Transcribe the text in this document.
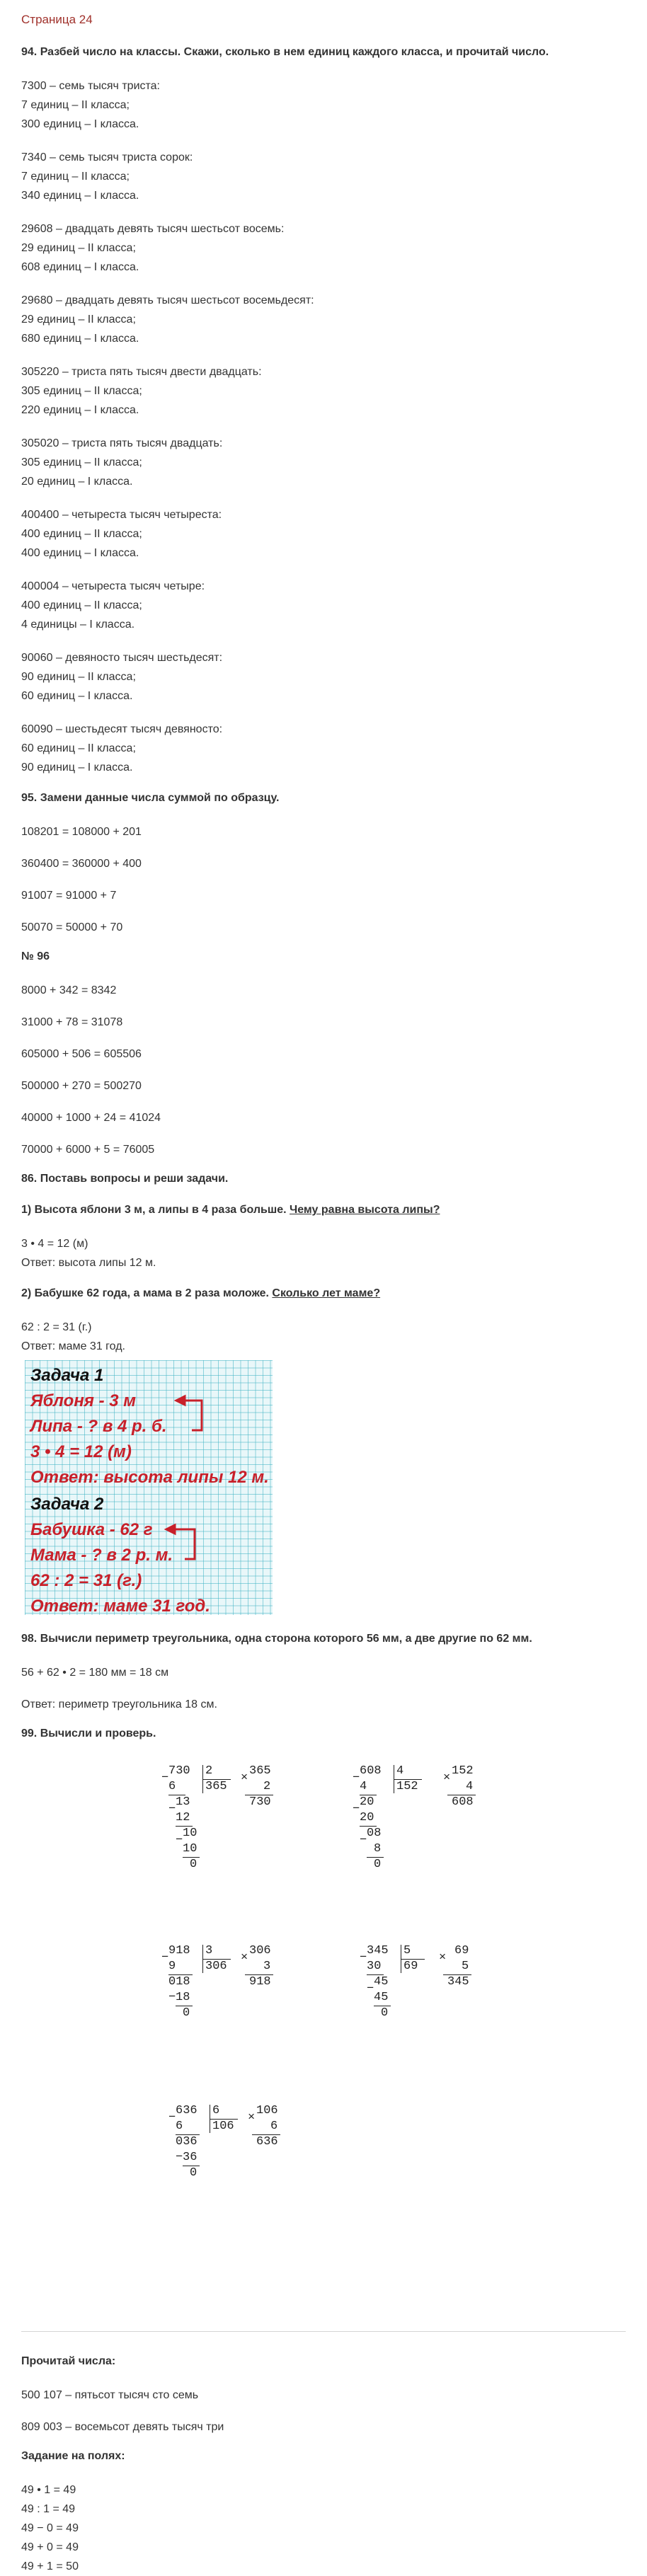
Страница 24
94. Разбей число на классы. Скажи, сколько в нем единиц каждого класса, и прочитай число.
7300 – семь тысяч триста:
7 единиц – II класса;
300 единиц – I класса.
7340 – семь тысяч триста сорок:
7 единиц – II класса;
340 единиц – I класса.
29608 – двадцать девять тысяч шестьсот восемь:
29 единиц – II класса;
608 единиц – I класса.
29680 – двадцать девять тысяч шестьсот восемьдесят:
29 единиц – II класса;
680 единиц – I класса.
305220 – триста пять тысяч двести двадцать:
305 единиц – II класса;
220 единиц – I класса.
305020 – триста пять тысяч двадцать:
305 единиц – II класса;
20 единиц – I класса.
400400 – четыреста тысяч четыреста:
400 единиц – II класса;
400 единиц – I класса.
400004 – четыреста тысяч четыре:
400 единиц – II класса;
4 единицы – I класса.
90060 – девяносто тысяч шестьдесят:
90 единиц – II класса;
60 единиц – I класса.
60090 – шестьдесят тысяч девяносто:
60 единиц – II класса;
90 единиц – I класса.
95. Замени данные числа суммой по образцу.
108201 = 108000 + 201
360400 = 360000 + 400
91007 = 91000 + 7
50070 = 50000 + 70
№ 96
8000 + 342 = 8342
31000 + 78 = 31078
605000 + 506 = 605506
500000 + 270 = 500270
40000 + 1000 + 24 = 41024
70000 + 6000 + 5 = 76005
86. Поставь вопросы и реши задачи.
1) Высота яблони 3 м, а липы в 4 раза больше. Чему равна высота липы?
3 • 4 = 12 (м)
Ответ: высота липы 12 м.
2) Бабушке 62 года, а мама в 2 раза моложе. Сколько лет маме?
62 : 2 = 31 (г.)
Ответ: маме 31 год.
Задача 1
Яблоня - 3 м
Липа - ? в 4 р. б.
3 • 4 = 12 (м)
Ответ: высота липы 12 м.
Задача 2
Бабушка - 62 г
Мама - ? в 2 р. м.
62 : 2 = 31 (г.)
Ответ: маме 31 год.
98. Вычисли периметр треугольника, одна сторона которого 56 мм, а две другие по 62 мм.
56 + 62 • 2 = 180 мм = 18 см
Ответ: периметр треугольника 18 см.
99. Вычисли и проверь.
−
730
6
−
13
12
−
10
10
0
2
365
×
365
2
730
−
608
4
−
20
20
−
08
8
0
4
152
×
152
4
608
−
918
9
018
− 18
0
3
306
×
306
3
918
−
345
30
−
45
45
0
5
69
×
69
5
345
−
636
6
036
− 36
0
6
106
×
106
6
636
Прочитай числа:
500 107 – пятьсот тысяч сто семь
809 003 – восемьсот девять тысяч три
Задание на полях:
49 • 1 = 49
49 : 1 = 49
49 − 0 = 49
49 + 0 = 49
49 + 1 = 50
